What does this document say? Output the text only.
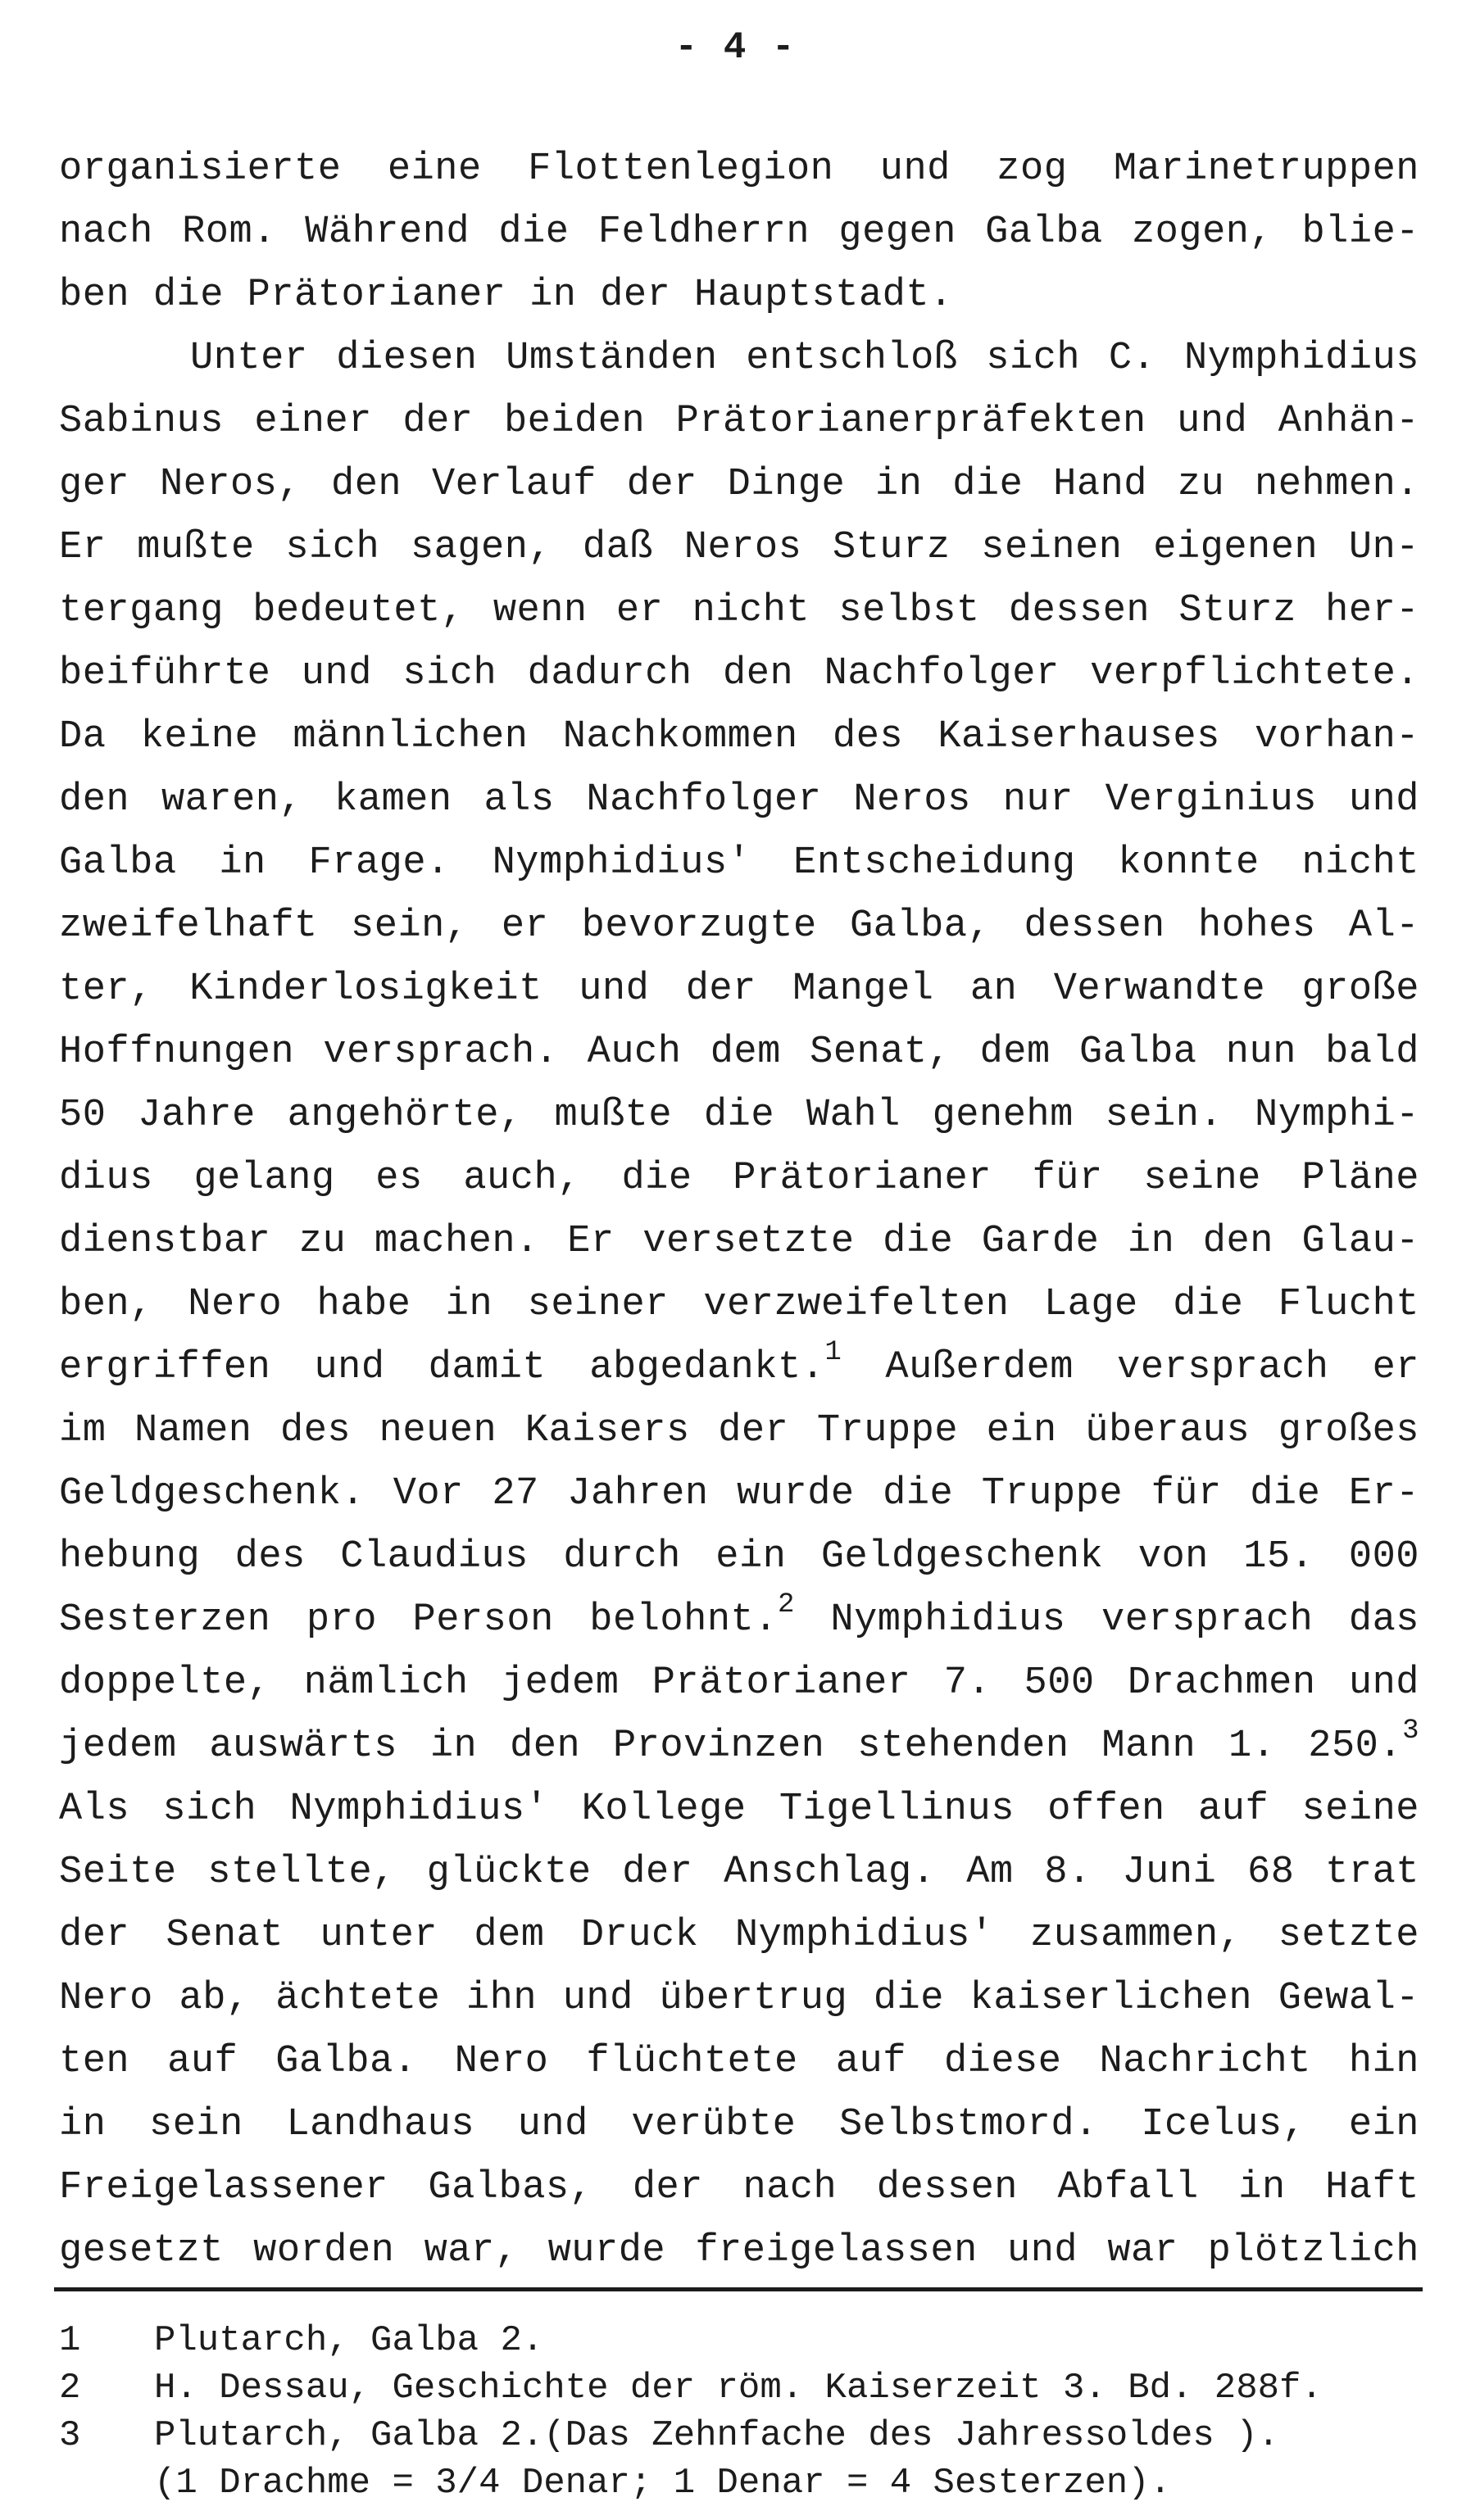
- 4 -
organisierte eine Flottenlegion und zog Marinetruppen
nach Rom. Während die Feldherrn gegen Galba zogen, blie-
ben die Prätorianer in der Hauptstadt.
Unter diesen Umständen entschloß sich C. Nymphidius
Sabinus einer der beiden Prätorianerpräfekten und Anhän-
ger Neros, den Verlauf der Dinge in die Hand zu nehmen.
Er mußte sich sagen, daß Neros Sturz seinen eigenen Un-
tergang bedeutet, wenn er nicht selbst dessen Sturz her-
beiführte und sich dadurch den Nachfolger verpflichtete.
Da keine männlichen Nachkommen des Kaiserhauses vorhan-
den waren, kamen als Nachfolger Neros nur Verginius und
Galba in Frage. Nymphidius' Entscheidung konnte nicht
zweifelhaft sein, er bevorzugte Galba, dessen hohes Al-
ter, Kinderlosigkeit und der Mangel an Verwandte große
Hoffnungen versprach. Auch dem Senat, dem Galba nun bald
50 Jahre angehörte, mußte die Wahl genehm sein. Nymphi-
dius gelang es auch, die Prätorianer für seine Pläne
dienstbar zu machen. Er versetzte die Garde in den Glau-
ben, Nero habe in seiner verzweifelten Lage die Flucht
ergriffen und damit abgedankt.$^1$ Außerdem versprach er
im Namen des neuen Kaisers der Truppe ein überaus großes
Geldgeschenk. Vor 27 Jahren wurde die Truppe für die Er-
hebung des Claudius durch ein Geldgeschenk von 15. 000
Sesterzen pro Person belohnt.$^2$ Nymphidius versprach das
doppelte, nämlich jedem Prätorianer 7. 500 Drachmen und
jedem auswärts in den Provinzen stehenden Mann 1. 250.$^3$
Als sich Nymphidius' Kollege Tigellinus offen auf seine
Seite stellte, glückte der Anschlag. Am 8. Juni 68 trat
der Senat unter dem Druck Nymphidius' zusammen, setzte
Nero ab, ächtete ihn und übertrug die kaiserlichen Gewal-
ten auf Galba. Nero flüchtete auf diese Nachricht hin
in sein Landhaus und verübte Selbstmord. Icelus, ein
Freigelassener Galbas, der nach dessen Abfall in Haft
gesetzt worden war, wurde freigelassen und war plötzlich
1	Plutarch, Galba 2.
2	H. Dessau, Geschichte der röm. Kaiserzeit 3. Bd. 288f.
3	Plutarch, Galba 2.(Das Zehnfache des Jahressoldes ).
(1 Drachme = 3/4 Denar; 1 Denar = 4 Sesterzen).
